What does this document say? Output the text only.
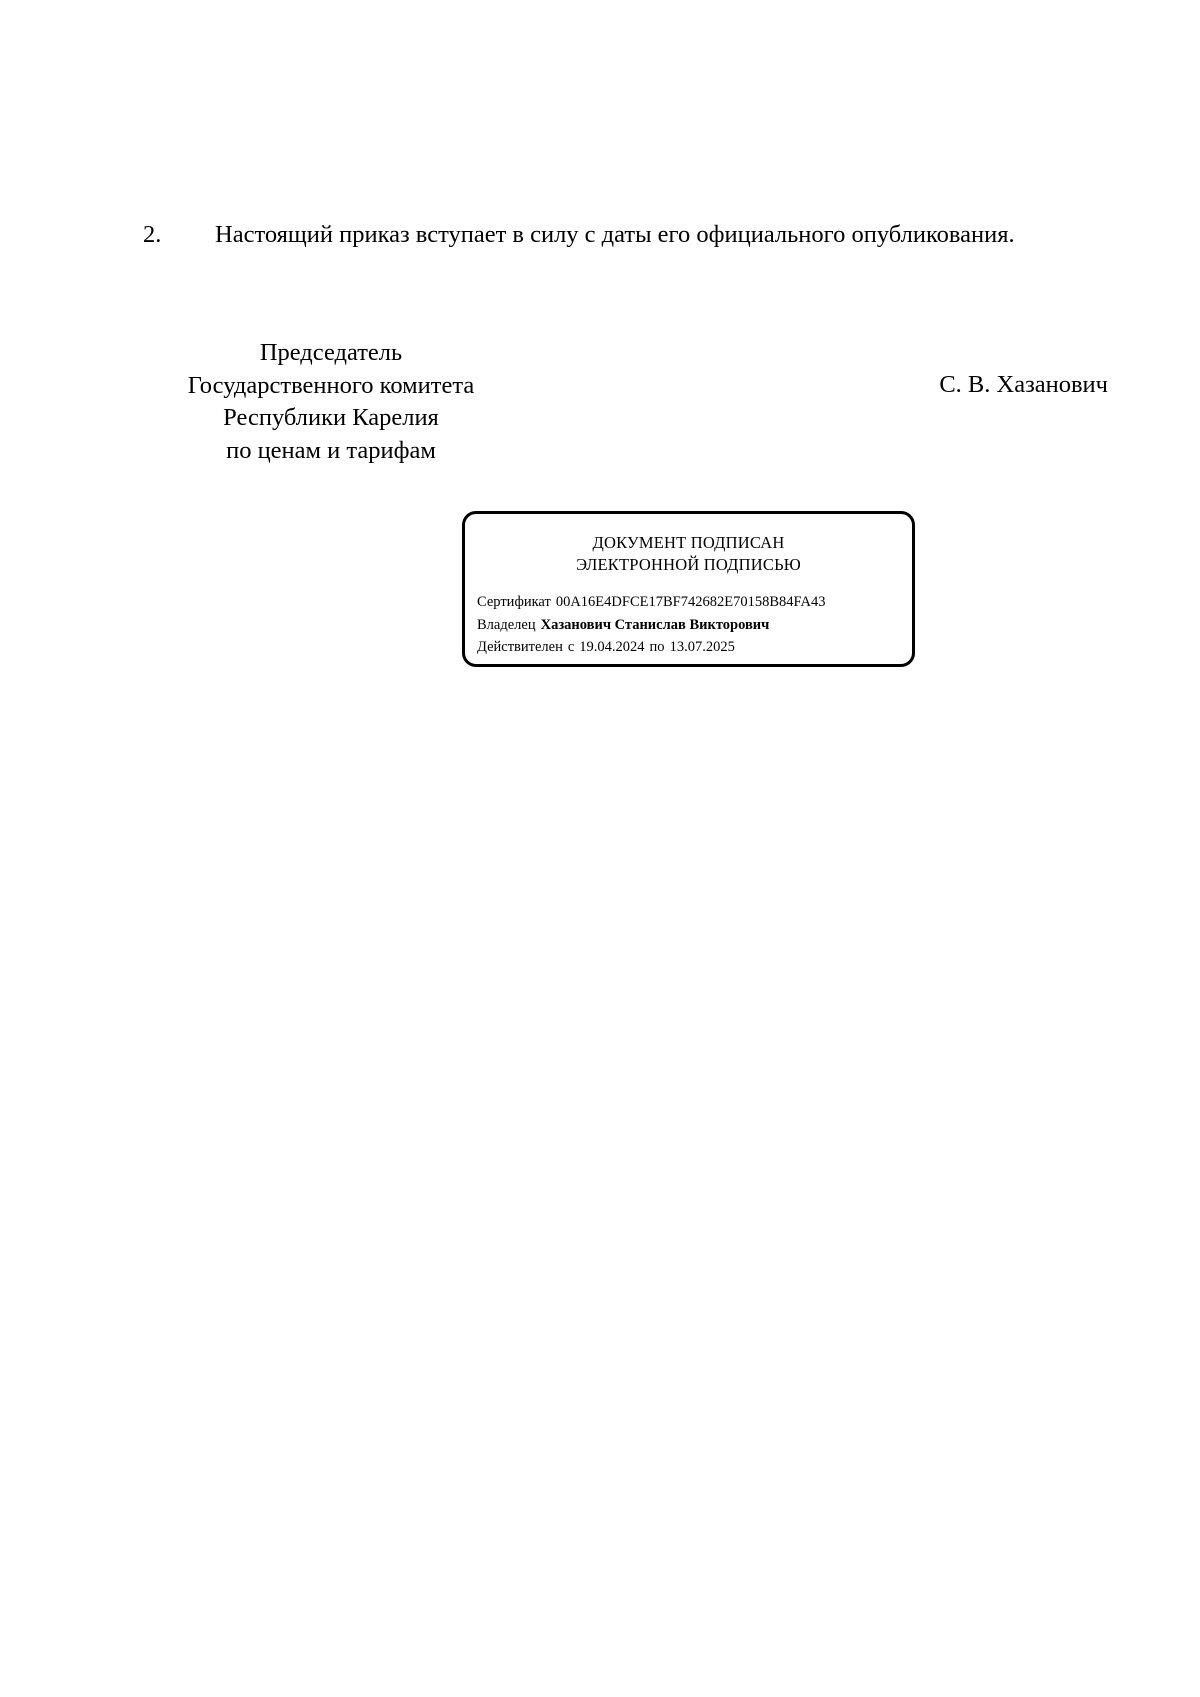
2. Настоящий приказ вступает в силу с даты его официального опубликования.
Председатель
Государственного комитета
Республики Карелия
по ценам и тарифам
С. В. Хазанович
ДОКУМЕНТ ПОДПИСАН
ЭЛЕКТРОННОЙ ПОДПИСЬЮ
Сертификат 00A16E4DFCE17BF742682E70158B84FA43
Владелец Хазанович Станислав Викторович
Действителен с 19.04.2024 по 13.07.2025
